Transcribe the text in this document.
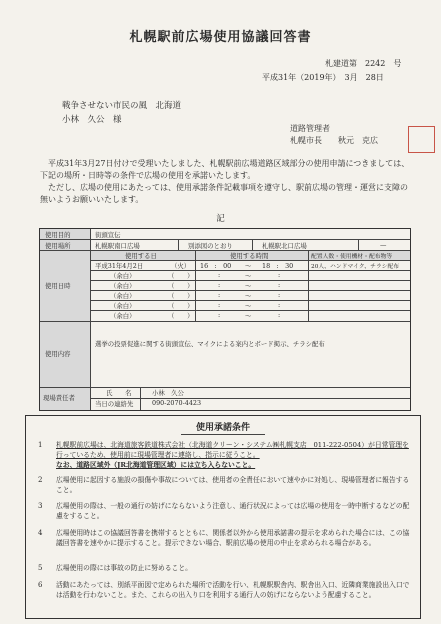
札幌駅前広場使用協議回答書
札建道第　2242　号
平成31年（2019年）　3月　28日
戦争させない市民の風　北海道
小林　久公　様
道路管理者
札幌市長　　秋元　克広
　平成31年3月27日付けで受理いたしました、札幌駅前広場道路区域部分の使用申請につきましては、下記の場所・日時等の条件で広場の使用を承諾いたします。
　ただし、広場の使用にあたっては、使用承諾条件記載事項を遵守し、駅前広場の管理・運営に支障の無いようお願いいたします。
記
使用目的	街頭宣伝
使用場所	札幌駅南口広場	別添図のとおり	札幌駅北口広場	—
使用日時
使用する日	使用する時間	配置人数・使用機材・配布物等
平成31年4月2日	（火） 16　:　00 〜 18　:　30	20人、ハンドマイク、チラシ配布
（余白）	（　　）	:	〜	:
（余白）	（　　）	:	〜	:
（余白）	（　　）	:	〜	:
（余白）	（　　）	:	〜	:
（余白）	（　　）	:	〜	:
使用内容
選挙の投票促進に関する街頭宣伝、マイクによる案内とボード掲示、チラシ配布
現場責任者
氏　　名	小林　久公
当日の連絡先	090-2070-4423
使用承諾条件
1 札幌駅前広場は、北海道旅客鉄道株式会社（北海道クリーン・システム㈱札幌支店　011-222-0504）が日常管理を行っているため、使用前に現場管理者に連絡し、指示に従うこと。
なお、道路区域外（JR北海道管理区域）には立ち入らないこと。
2 広場使用に起因する施設の損傷や事故については、使用者の全責任において速やかに対処し、現場管理者に報告すること。
3 広場使用の際は、一般の通行の妨げにならないよう注意し、通行状況によっては広場の使用を一時中断するなどの配慮をすること。
4 広場使用時はこの協議回答書を携帯するとともに、関係者以外から使用承諾書の提示を求められた場合には、この協議回答書を速やかに提示すること。提示できない場合、駅前広場の使用の中止を求められる場合がある。
5 広場使用の際には事故の防止に努めること。
6 活動にあたっては、別紙平面図で定められた場所で活動を行い、札幌駅駅舎内、駅舎出入口、近隣商業施設出入口では活動を行わないこと。また、これらの出入り口を利用する通行人の妨げにならないよう配慮すること。
